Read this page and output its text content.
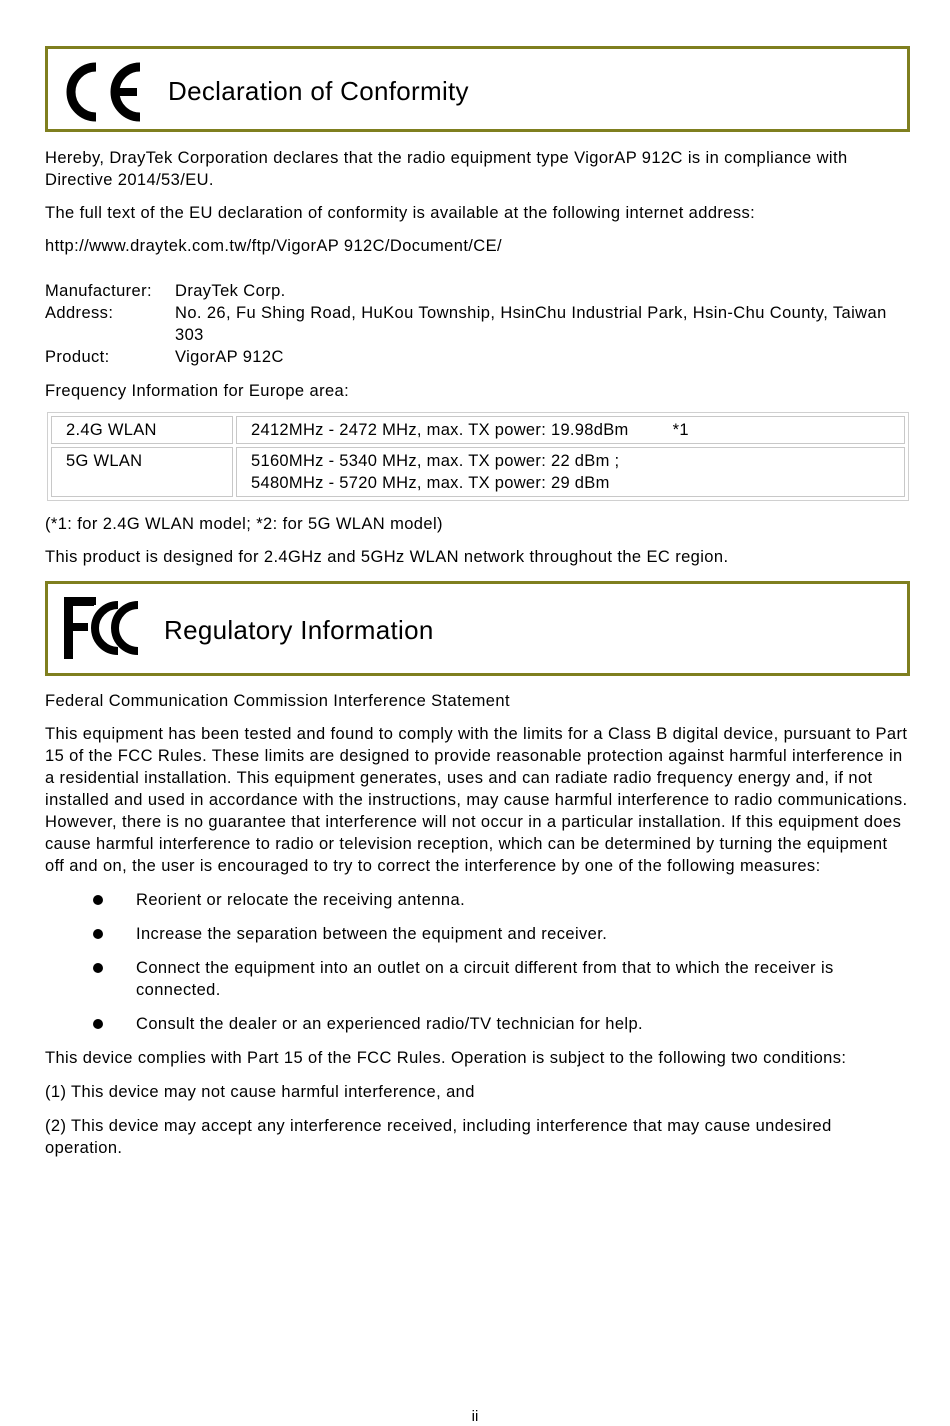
Declaration of Conformity

Hereby, DrayTek Corporation declares that the radio equipment type VigorAP 912C is in compliance with Directive 2014/53/EU.

The full text of the EU declaration of conformity is available at the following internet address:

http://www.draytek.com.tw/ftp/VigorAP 912C/Document/CE/

Manufacturer:	DrayTek Corp.
Address:	No. 26, Fu Shing Road, HuKou Township, HsinChu Industrial Park, Hsin-Chu County, Taiwan 303
Product:	VigorAP 912C

Frequency Information for Europe area:

2.4G WLAN	2412MHz - 2472 MHz, max. TX power: 19.98dBm *1
5G WLAN	5160MHz - 5340 MHz, max. TX power: 22 dBm ;
5480MHz - 5720 MHz, max. TX power: 29 dBm

(*1: for 2.4G WLAN model; *2: for 5G WLAN model)

This product is designed for 2.4GHz and 5GHz WLAN network throughout the EC region.

Regulatory Information

Federal Communication Commission Interference Statement

This equipment has been tested and found to comply with the limits for a Class B digital device, pursuant to Part 15 of the FCC Rules. These limits are designed to provide reasonable protection against harmful interference in a residential installation. This equipment generates, uses and can radiate radio frequency energy and, if not installed and used in accordance with the instructions, may cause harmful interference to radio communications. However, there is no guarantee that interference will not occur in a particular installation. If this equipment does cause harmful interference to radio or television reception, which can be determined by turning the equipment off and on, the user is encouraged to try to correct the interference by one of the following measures:

Reorient or relocate the receiving antenna.
Increase the separation between the equipment and receiver.
Connect the equipment into an outlet on a circuit different from that to which the receiver is connected.
Consult the dealer or an experienced radio/TV technician for help.

This device complies with Part 15 of the FCC Rules. Operation is subject to the following two conditions:

(1) This device may not cause harmful interference, and

(2) This device may accept any interference received, including interference that may cause undesired operation.

ii
